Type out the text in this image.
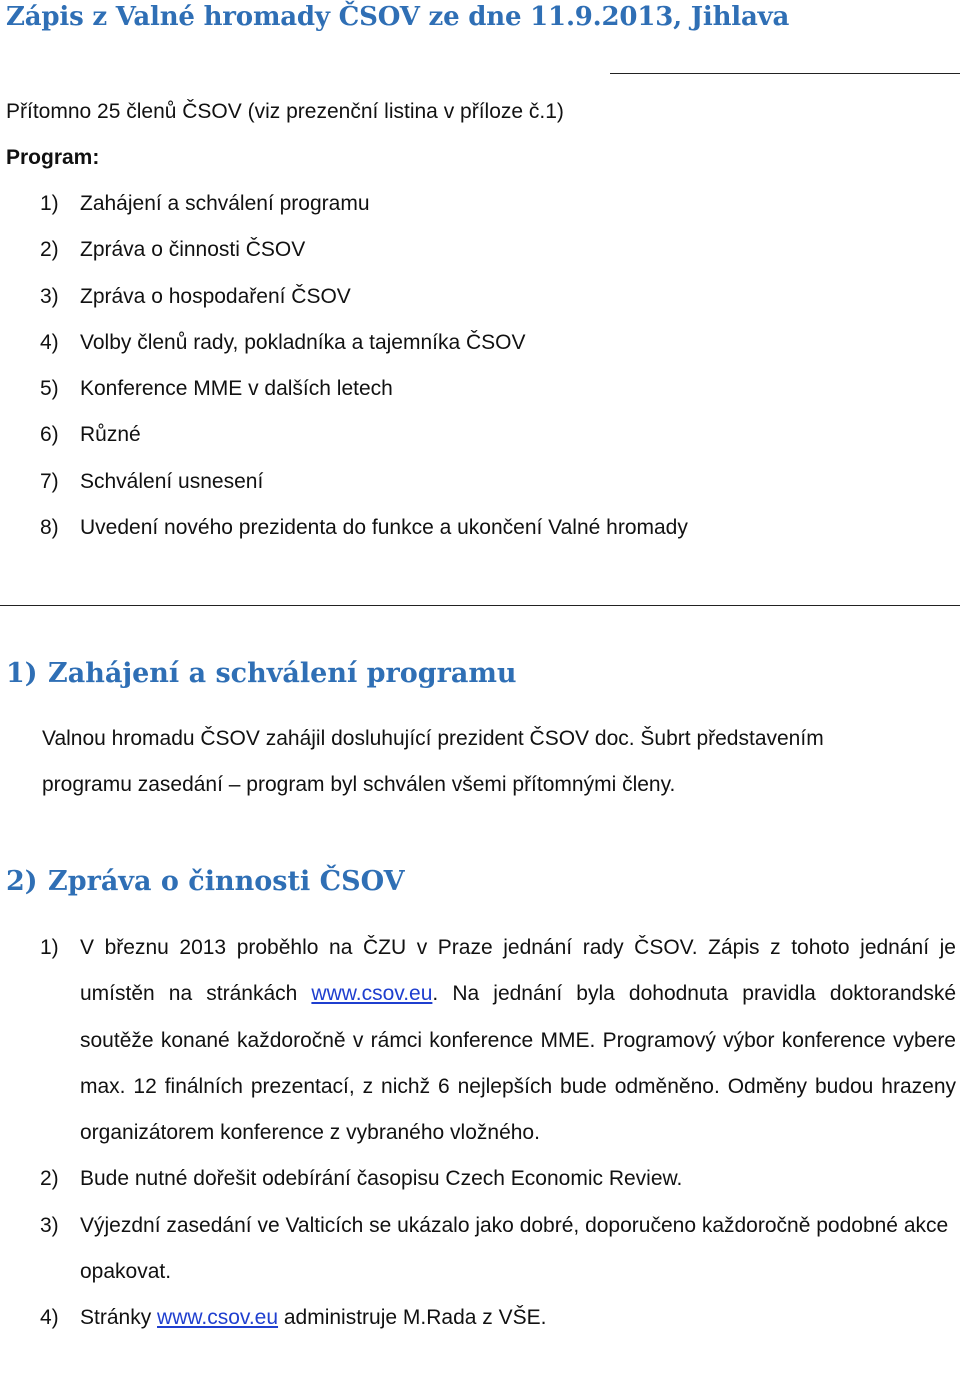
Zápis z Valné hromady ČSOV ze dne 11.9.2013, Jihlava
Přítomno 25 členů ČSOV (viz prezenční listina v příloze č.1)
Program:
1) Zahájení a schválení programu
2) Zpráva o činnosti ČSOV
3) Zpráva o hospodaření ČSOV
4) Volby členů rady, pokladníka a tajemníka ČSOV
5) Konference MME v dalších letech
6) Různé
7) Schválení usnesení
8) Uvedení nového prezidenta do funkce a ukončení Valné hromady
1) Zahájení a schválení programu
Valnou hromadu ČSOV zahájil dosluhující prezident ČSOV doc. Šubrt představením
programu zasedání – program byl schválen všemi přítomnými členy.
2) Zpráva o činnosti ČSOV
1) V březnu 2013 proběhlo na ČZU v Praze jednání rady ČSOV. Zápis z tohoto jednání je umístěn na stránkách www.csov.eu. Na jednání byla dohodnuta pravidla doktorandské soutěže konané každoročně v rámci konference MME. Programový výbor konference vybere max. 12 finálních prezentací, z nichž 6 nejlepších bude odměněno. Odměny budou hrazeny organizátorem konference z vybraného vložného.
2) Bude nutné dořešit odebírání časopisu Czech Economic Review.
3) Výjezdní zasedání ve Valticích se ukázalo jako dobré, doporučeno každoročně podobné akce opakovat.
4) Stránky www.csov.eu administruje M.Rada z VŠE.
